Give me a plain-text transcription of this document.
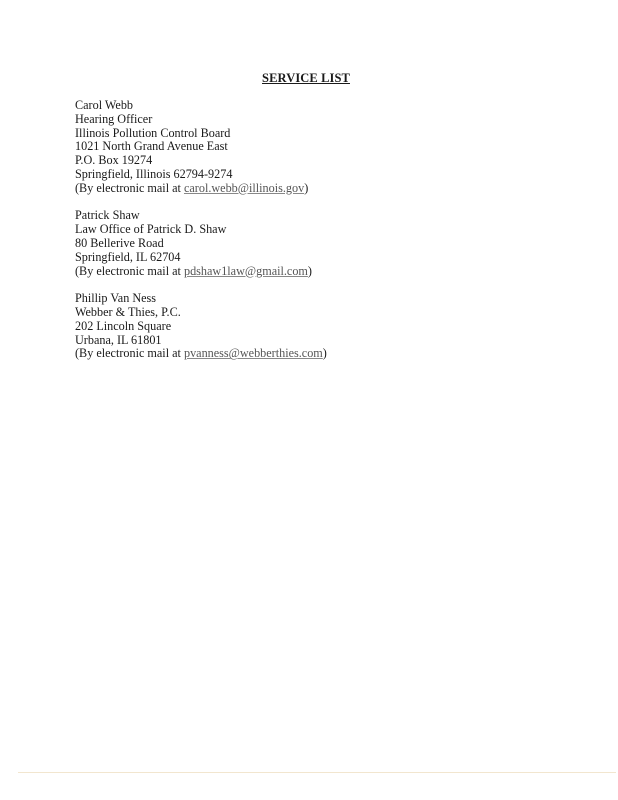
SERVICE LIST
Carol Webb
Hearing Officer
Illinois Pollution Control Board
1021 North Grand Avenue East
P.O. Box 19274
Springfield, Illinois 62794-9274
(By electronic mail at carol.webb@illinois.gov)
Patrick Shaw
Law Office of Patrick D. Shaw
80 Bellerive Road
Springfield, IL 62704
(By electronic mail at pdshaw1law@gmail.com)
Phillip Van Ness
Webber & Thies, P.C.
202 Lincoln Square
Urbana, IL 61801
(By electronic mail at pvanness@webberthies.com)
